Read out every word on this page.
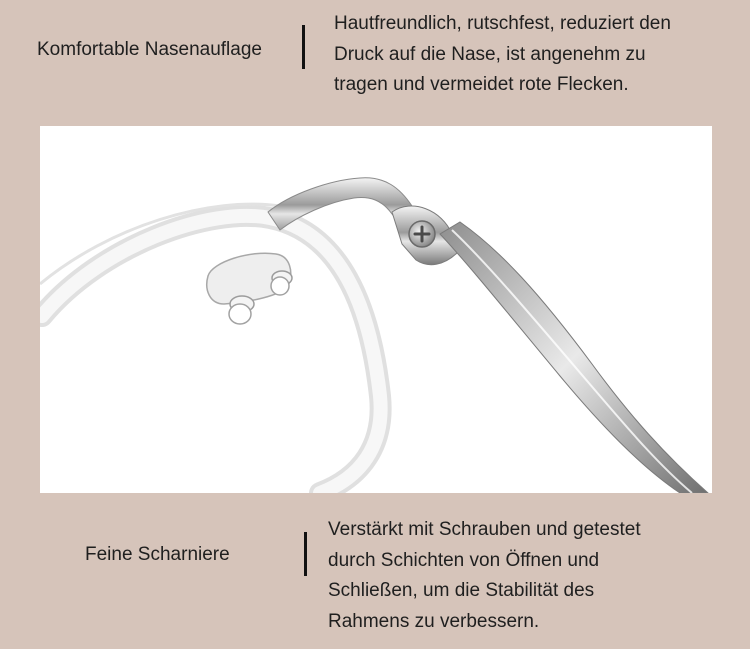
Komfortable Nasenauflage
Hautfreundlich, rutschfest, reduziert den
Druck auf die Nase, ist angenehm zu
tragen und vermeidet rote Flecken.
Feine Scharniere
Verstärkt mit Schrauben und getestet
durch Schichten von Öffnen und
Schließen, um die Stabilität des
Rahmens zu verbessern.
